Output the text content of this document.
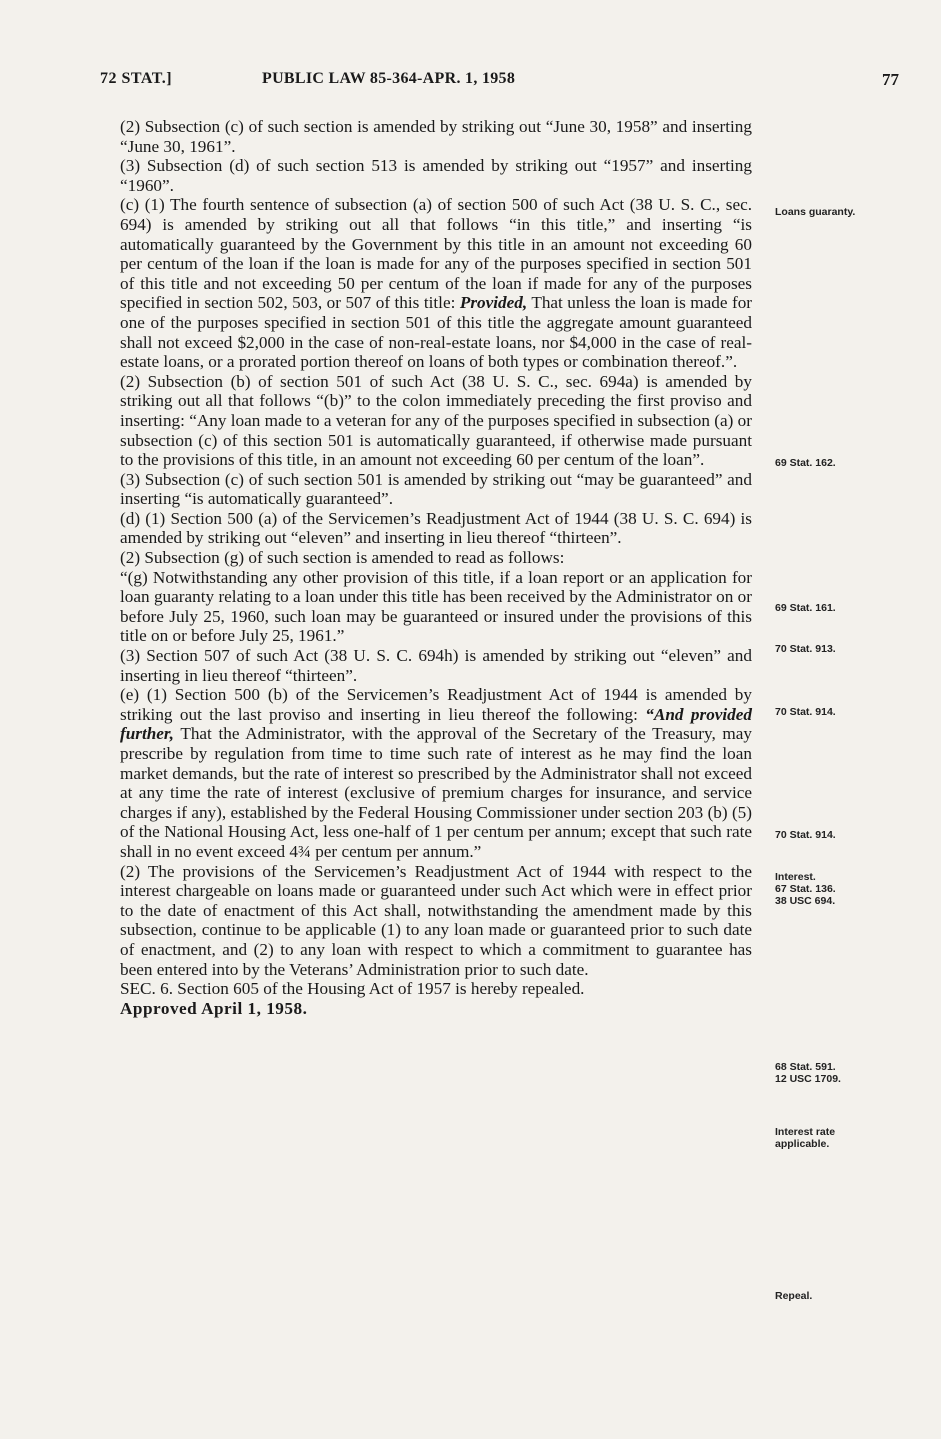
72 STAT.]	PUBLIC LAW 85-364-APR. 1, 1958	77

(2) Subsection (c) of such section is amended by striking out “June 30, 1958” and inserting “June 30, 1961”.

(3) Subsection (d) of such section 513 is amended by striking out “1957” and inserting “1960”.

(c) (1) The fourth sentence of subsection (a) of section 500 of such Act (38 U. S. C., sec. 694) is amended by striking out all that follows “in this title,” and inserting “is automatically guaranteed by the Government by this title in an amount not exceeding 60 per centum of the loan if the loan is made for any of the purposes specified in section 501 of this title and not exceeding 50 per centum of the loan if made for any of the purposes specified in section 502, 503, or 507 of this title: Provided, That unless the loan is made for one of the purposes specified in section 501 of this title the aggregate amount guaranteed shall not exceed $2,000 in the case of non-real-estate loans, nor $4,000 in the case of real-estate loans, or a prorated portion thereof on loans of both types or combination thereof.”.

(2) Subsection (b) of section 501 of such Act (38 U. S. C., sec. 694a) is amended by striking out all that follows “(b)” to the colon immediately preceding the first proviso and inserting: “Any loan made to a veteran for any of the purposes specified in subsection (a) or subsection (c) of this section 501 is automatically guaranteed, if otherwise made pursuant to the provisions of this title, in an amount not exceeding 60 per centum of the loan”.

(3) Subsection (c) of such section 501 is amended by striking out “may be guaranteed” and inserting “is automatically guaranteed”.

(d) (1) Section 500 (a) of the Servicemen’s Readjustment Act of 1944 (38 U. S. C. 694) is amended by striking out “eleven” and inserting in lieu thereof “thirteen”.

(2) Subsection (g) of such section is amended to read as follows:

“(g) Notwithstanding any other provision of this title, if a loan report or an application for loan guaranty relating to a loan under this title has been received by the Administrator on or before July 25, 1960, such loan may be guaranteed or insured under the provisions of this title on or before July 25, 1961.”

(3) Section 507 of such Act (38 U. S. C. 694h) is amended by striking out “eleven” and inserting in lieu thereof “thirteen”.

(e) (1) Section 500 (b) of the Servicemen’s Readjustment Act of 1944 is amended by striking out the last proviso and inserting in lieu thereof the following: “And provided further, That the Administrator, with the approval of the Secretary of the Treasury, may prescribe by regulation from time to time such rate of interest as he may find the loan market demands, but the rate of interest so prescribed by the Administrator shall not exceed at any time the rate of interest (exclusive of premium charges for insurance, and service charges if any), established by the Federal Housing Commissioner under section 203 (b) (5) of the National Housing Act, less one-half of 1 per centum per annum; except that such rate shall in no event exceed 4¾ per centum per annum.”

(2) The provisions of the Servicemen’s Readjustment Act of 1944 with respect to the interest chargeable on loans made or guaranteed under such Act which were in effect prior to the date of enactment of this Act shall, notwithstanding the amendment made by this subsection, continue to be applicable (1) to any loan made or guaranteed prior to such date of enactment, and (2) to any loan with respect to which a commitment to guarantee has been entered into by the Veterans’ Administration prior to such date.

SEC. 6. Section 605 of the Housing Act of 1957 is hereby repealed.

Approved April 1, 1958.

Loans guaranty.
69 Stat. 162.
69 Stat. 161.
70 Stat. 913.
70 Stat. 914.
70 Stat. 914.
Interest.
67 Stat. 136.
38 USC 694.
68 Stat. 591.
12 USC 1709.
Interest rate applicable.
Repeal.
